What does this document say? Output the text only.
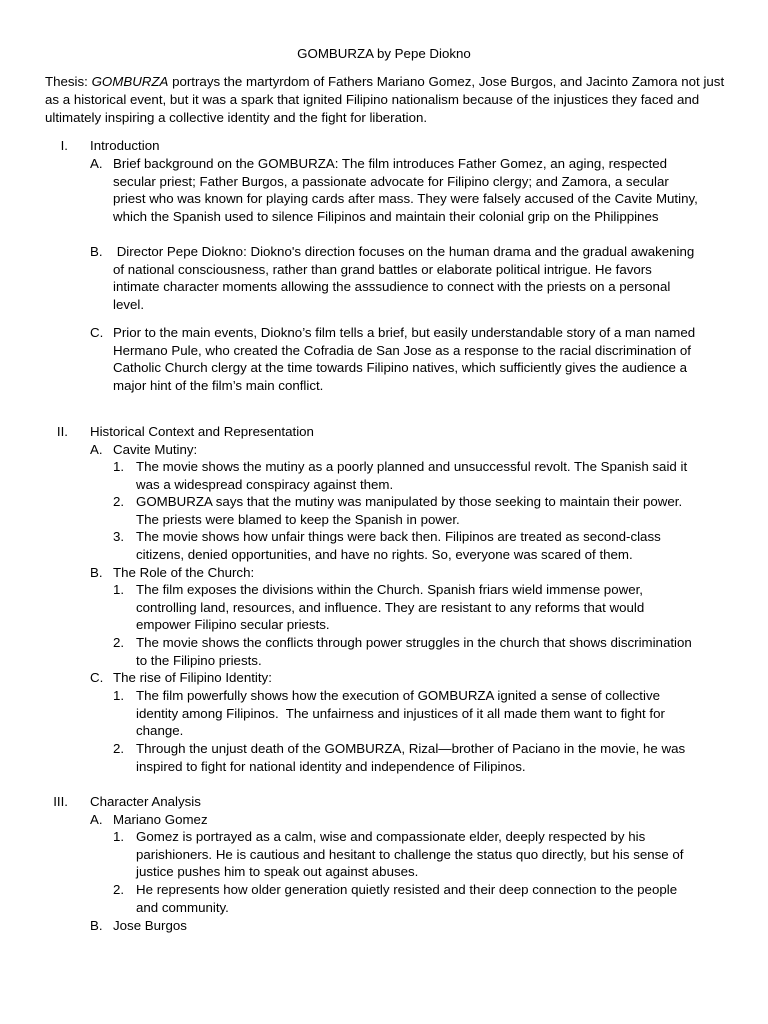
GOMBURZA by Pepe Diokno
Thesis: GOMBURZA portrays the martyrdom of Fathers Mariano Gomez, Jose Burgos, and Jacinto Zamora not just as a historical event, but it was a spark that ignited Filipino nationalism because of the injustices they faced and ultimately inspiring a collective identity and the fight for liberation.
I. Introduction
A. Brief background on the GOMBURZA: The film introduces Father Gomez, an aging, respected
secular priest; Father Burgos, a passionate advocate for Filipino clergy; and Zamora, a secular
priest who was known for playing cards after mass. They were falsely accused of the Cavite Mutiny,
which the Spanish used to silence Filipinos and maintain their colonial grip on the Philippines
B. Director Pepe Diokno: Diokno's direction focuses on the human drama and the gradual awakening
of national consciousness, rather than grand battles or elaborate political intrigue. He favors
intimate character moments allowing the asssudience to connect with the priests on a personal
level.
C. Prior to the main events, Diokno’s film tells a brief, but easily understandable story of a man named
Hermano Pule, who created the Cofradia de San Jose as a response to the racial discrimination of
Catholic Church clergy at the time towards Filipino natives, which sufficiently gives the audience a
major hint of the film’s main conflict.
II. Historical Context and Representation
A. Cavite Mutiny:
1. The movie shows the mutiny as a poorly planned and unsuccessful revolt. The Spanish said it
was a widespread conspiracy against them.
2. GOMBURZA says that the mutiny was manipulated by those seeking to maintain their power.
The priests were blamed to keep the Spanish in power.
3. The movie shows how unfair things were back then. Filipinos are treated as second-class
citizens, denied opportunities, and have no rights. So, everyone was scared of them.
B. The Role of the Church:
1. The film exposes the divisions within the Church. Spanish friars wield immense power,
controlling land, resources, and influence. They are resistant to any reforms that would
empower Filipino secular priests.
2. The movie shows the conflicts through power struggles in the church that shows discrimination
to the Filipino priests.
C. The rise of Filipino Identity:
1. The film powerfully shows how the execution of GOMBURZA ignited a sense of collective
identity among Filipinos.  The unfairness and injustices of it all made them want to fight for
change.
2. Through the unjust death of the GOMBURZA, Rizal—brother of Paciano in the movie, he was
inspired to fight for national identity and independence of Filipinos.
III. Character Analysis
A. Mariano Gomez
1. Gomez is portrayed as a calm, wise and compassionate elder, deeply respected by his
parishioners. He is cautious and hesitant to challenge the status quo directly, but his sense of
justice pushes him to speak out against abuses.
2. He represents how older generation quietly resisted and their deep connection to the people
and community.
B. Jose Burgos
